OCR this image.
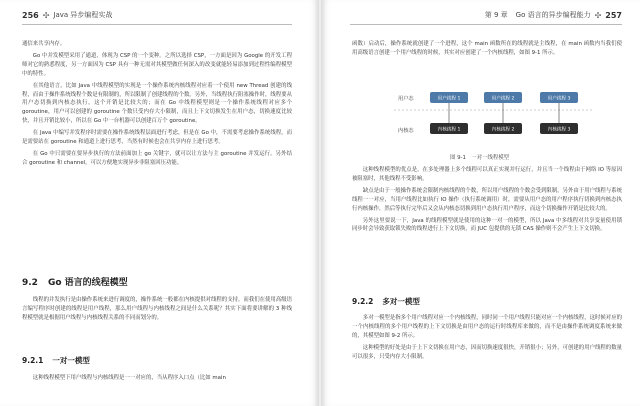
256 ✣ Java 异步编程实战

通信来共享内存。

Go 中并发模型采用了通道，体现为 CSP 的一个变种。之所以选择 CSP，一方面是因为 Google 的开发工程师对它的熟悉程度，另一方面因为 CSP 具有一种无需对其模型做任何深入的改变就能轻易添加到过程性编程模型中的特性。

在其他语言，比如 Java 中线程模型的实现是一个操作系统内核线程对应着一个使用 new Thread 创建的线程，而由于操作系统线程个数是有限制的，所以限制了创建线程的个数。另外，当线程执行阻塞操作时，线程要从用户态切换到内核态执行，这个开销是比较大的；而在 Go 中线程模型则是一个操作系统线程对应多个 goroutine，用户可以创建的 goroutine 个数只受内存大小限制，而且上下文切换发生在用户态，切换速度比较快，并且开销比较小，所以在 Go 中一台机器可以创建百万个 goroutine。

在 Java 中编写并发程序时需要在操作系统线程层面进行考虑，但是在 Go 中，不需要考虑操作系统线程，而是需要站在 goroutine 和通道上进行思考，当然有时候也会在共享内存上进行思考。

在 Go 中只需要在要异步执行的方法前面加上 go 关键字，就可以让方法与主 goroutine 并发运行。另外结合 goroutine 和 channel，可以方便地实现异步非阻塞回压功能。

9.2 Go 语言的线程模型

线程的并发执行是由操作系统来进行调度的，操作系统一般都在内核提供对线程的支持。而我们在使用高级语言编写程序时创建的线程是用户线程，那么用户线程与内核线程之间是什么关系呢？其实下面将要讲解的 3 种线程模型就是根据用户线程与内核线程关系的不同而划分的。

9.2.1 一对一模型

这种线程模型下用户线程与内核线程是一一对应的，当从程序入口点（比如 main

第 9 章 Go 语言的异步编程能力 ✣ 257

函数）启动后，操作系统就创建了一个进程，这个 main 函数所在的线程就是主线程，在 main 函数内当我们使用高级语言创建一个用户线程的时候，其实对应创建了一个内核线程，如图 9-1 所示。

用户态
内核态
用户线程 1	用户线程 2	用户线程 3
内核线程 1	内核线程 2	内核线程 3
图 9-1　一对一线程模型

这种线程模型的优点是，在多处理器上多个线程可以真正实现并行运行，并且当一个线程由于网络 IO 等原因被阻塞时，其他线程不受影响。

缺点是由于一般操作系统会限制内核线程的个数，所以用户线程的个数会受到限制。另外由于用户线程与系统线程一一对应，当用户线程比如执行 IO 操作（执行系统调用）时，需要从用户态的用户程序执行切换到内核态执行内核操作，然后等执行完毕后又会从内核态切换到用户态执行用户程序，而这个切换操作开销是比较大的。

另外这里要说一下，Java 的线程模型就是使用的这种一对一的模型，所以 Java 中多线程对共享变量使用锁同步时会导致获取锁失败的线程进行上下文切换，而 JUC 包提供的无锁 CAS 操作则不会产生上下文切换。

9.2.2 多对一模型

多对一模型是指多个用户线程对应一个内核线程，同时同一个用户线程只能对应一个内核线程，这时候对应的一个内核线程的多个用户线程的上下文切换是由用户态的运行时线程库来做的，而不是由操作系统调度系统来做的，其模型如图 9-2 所示。

这种模型的好处是由于上下文切换在用户态，因而切换速度很快，开销很小；另外，可创建的用户线程的数量可以很多，只受内存大小限制。
